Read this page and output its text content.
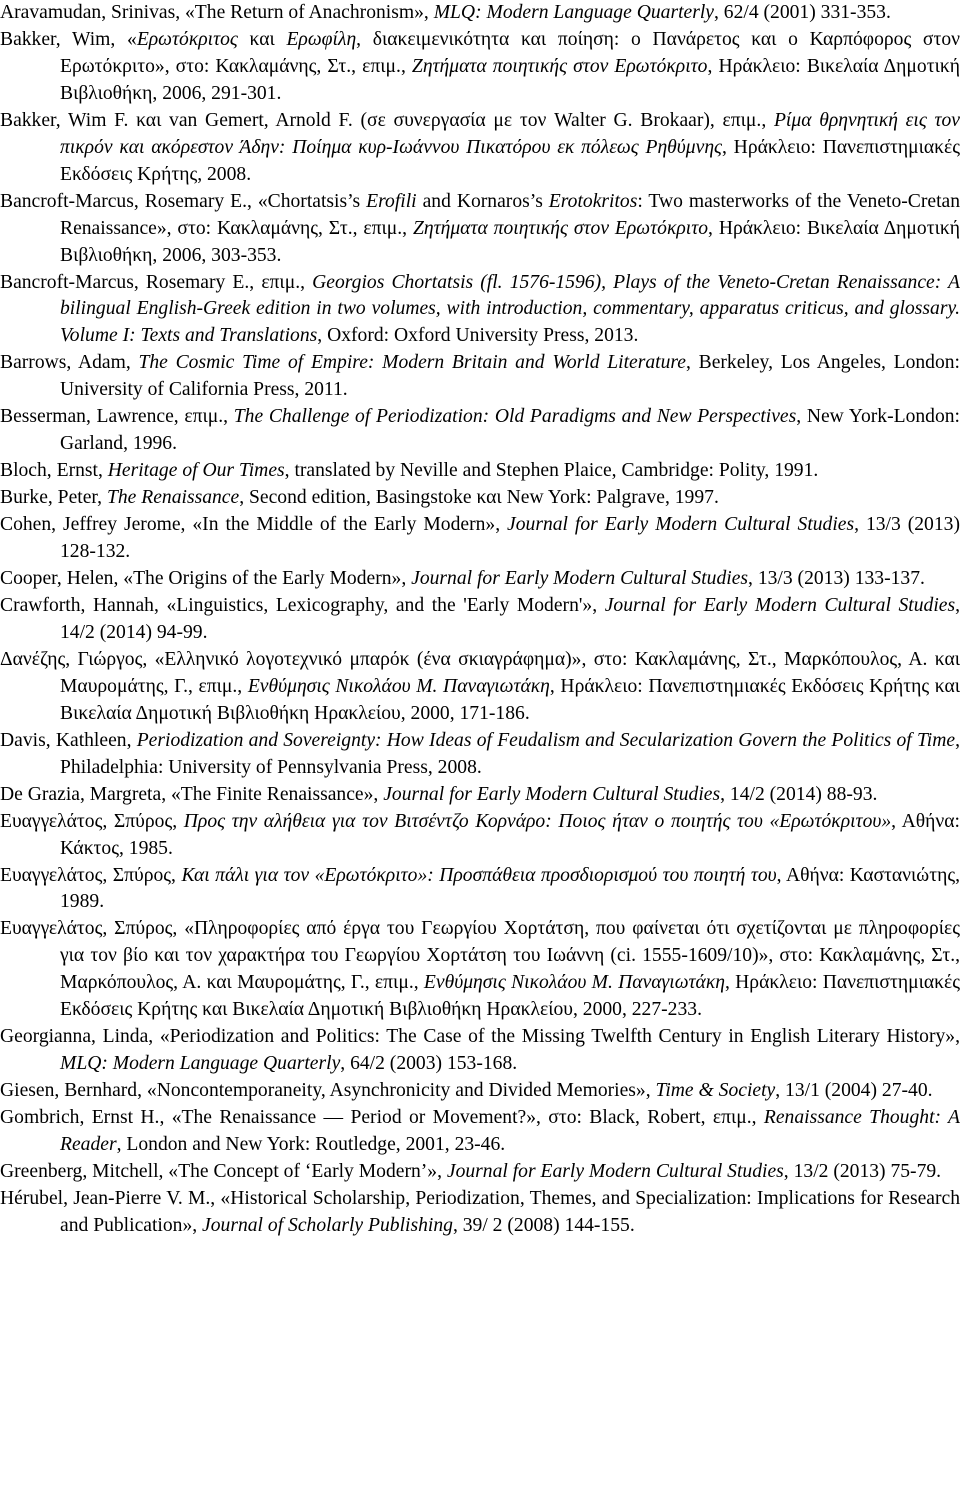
Aravamudan, Srinivas, «The Return of Anachronism», MLQ: Modern Language Quarterly, 62/4 (2001) 331-353.
Bakker, Wim, «Ερωτόκριτος και Ερωφίλη, διακειμενικότητα και ποίηση: ο Πανάρετος και ο Καρπόφορος στον Ερωτόκριτο», στο: Κακλαμάνης, Στ., επιμ., Ζητήματα ποιητικής στον Ερωτόκριτο, Ηράκλειο: Βικελαία Δημοτική Βιβλιοθήκη, 2006, 291-301.
Bakker, Wim F. και van Gemert, Arnold F. (σε συνεργασία με τον Walter G. Brokaar), επιμ., Ρίμα θρηνητική εις τον πικρόν και ακόρεστον Άδην: Ποίημα κυρ-Ιωάννου Πικατόρου εκ πόλεως Ρηθύμνης, Ηράκλειο: Πανεπιστημιακές Εκδόσεις Κρήτης, 2008.
Bancroft-Marcus, Rosemary E., «Chortatsis’s Erofili and Kornaros’s Erotokritos: Two masterworks of the Veneto-Cretan Renaissance», στο: Κακλαμάνης, Στ., επιμ., Ζητήματα ποιητικής στον Ερωτόκριτο, Ηράκλειο: Βικελαία Δημοτική Βιβλιοθήκη, 2006, 303-353.
Bancroft-Marcus, Rosemary E., επιμ., Georgios Chortatsis (fl. 1576-1596), Plays of the Veneto-Cretan Renaissance: A bilingual English-Greek edition in two volumes, with introduction, commentary, apparatus criticus, and glossary. Volume I: Texts and Translations, Oxford: Oxford University Press, 2013.
Barrows, Adam, The Cosmic Time of Empire: Modern Britain and World Literature, Berkeley, Los Angeles, London: University of California Press, 2011.
Besserman, Lawrence, επιμ., The Challenge of Periodization: Old Paradigms and New Perspectives, New York-London: Garland, 1996.
Bloch, Ernst, Heritage of Our Times, translated by Neville and Stephen Plaice, Cambridge: Polity, 1991.
Burke, Peter, The Renaissance, Second edition, Basingstoke και New York: Palgrave, 1997.
Cohen, Jeffrey Jerome, «In the Middle of the Early Modern», Journal for Early Modern Cultural Studies, 13/3 (2013) 128-132.
Cooper, Helen, «The Origins of the Early Modern», Journal for Early Modern Cultural Studies, 13/3 (2013) 133-137.
Crawforth, Hannah, «Linguistics, Lexicography, and the 'Early Modern'», Journal for Early Modern Cultural Studies, 14/2 (2014) 94-99.
Δανέζης, Γιώργος, «Ελληνικό λογοτεχνικό μπαρόκ (ένα σκιαγράφημα)», στο: Κακλαμάνης, Στ., Μαρκόπουλος, Α. και Μαυρομάτης, Γ., επιμ., Ενθύμησις Νικολάου Μ. Παναγιωτάκη, Ηράκλειο: Πανεπιστημιακές Εκδόσεις Κρήτης και Βικελαία Δημοτική Βιβλιοθήκη Ηρακλείου, 2000, 171-186.
Davis, Kathleen, Periodization and Sovereignty: How Ideas of Feudalism and Secularization Govern the Politics of Time, Philadelphia: University of Pennsylvania Press, 2008.
De Grazia, Margreta, «The Finite Renaissance», Journal for Early Modern Cultural Studies, 14/2 (2014) 88-93.
Ευαγγελάτος, Σπύρος, Προς την αλήθεια για τον Βιτσέντζο Κορνάρο: Ποιος ήταν ο ποιητής του «Ερωτόκριτου», Αθήνα: Κάκτος, 1985.
Ευαγγελάτος, Σπύρος, Και πάλι για τον «Ερωτόκριτο»: Προσπάθεια προσδιορισμού του ποιητή του, Αθήνα: Καστανιώτης, 1989.
Ευαγγελάτος, Σπύρος, «Πληροφορίες από έργα του Γεωργίου Χορτάτση, που φαίνεται ότι σχετίζονται με πληροφορίες για τον βίο και τον χαρακτήρα του Γεωργίου Χορτάτση του Ιωάννη (ci. 1555-1609/10)», στο: Κακλαμάνης, Στ., Μαρκόπουλος, Α. και Μαυρομάτης, Γ., επιμ., Ενθύμησις Νικολάου Μ. Παναγιωτάκη, Ηράκλειο: Πανεπιστημιακές Εκδόσεις Κρήτης και Βικελαία Δημοτική Βιβλιοθήκη Ηρακλείου, 2000, 227-233.
Georgianna, Linda, «Periodization and Politics: The Case of the Missing Twelfth Century in English Literary History», MLQ: Modern Language Quarterly, 64/2 (2003) 153-168.
Giesen, Bernhard, «Noncontemporaneity, Asynchronicity and Divided Memories», Time & Society, 13/1 (2004) 27-40.
Gombrich, Ernst H., «The Renaissance — Period or Movement?», στο: Black, Robert, επιμ., Renaissance Thought: A Reader, London and New York: Routledge, 2001, 23-46.
Greenberg, Mitchell, «The Concept of ‘Early Modern’», Journal for Early Modern Cultural Studies, 13/2 (2013) 75-79.
Hérubel, Jean-Pierre V. M., «Historical Scholarship, Periodization, Themes, and Specialization: Implications for Research and Publication», Journal of Scholarly Publishing, 39/ 2 (2008) 144-155.
